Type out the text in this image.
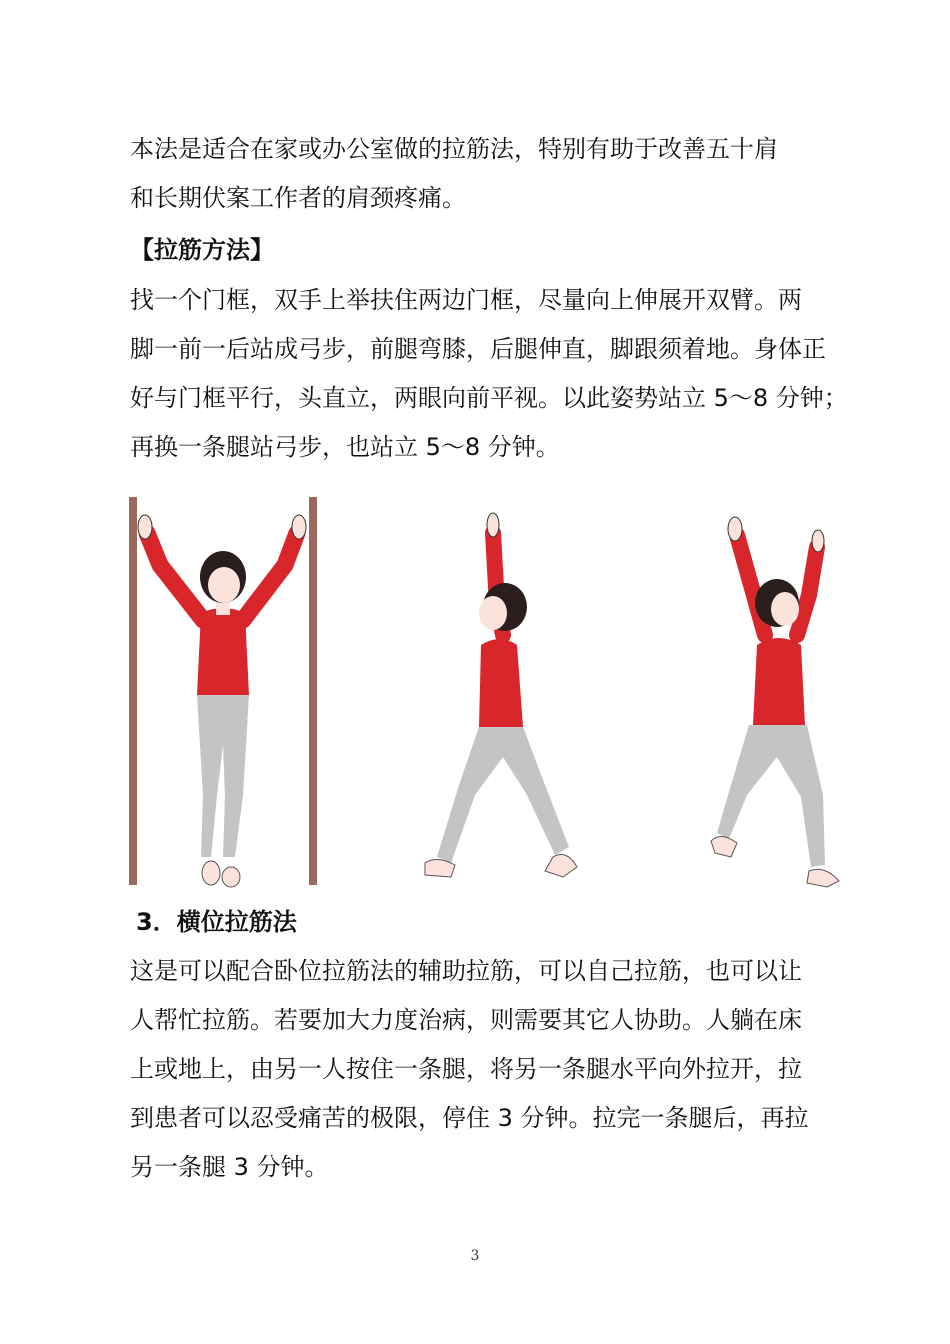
本法是适合在家或办公室做的拉筋法，特别有助于改善五十肩
和长期伏案工作者的肩颈疼痛。
【拉筋方法】
找一个门框，双手上举扶住两边门框，尽量向上伸展开双臂。两
脚一前一后站成弓步，前腿弯膝，后腿伸直，脚跟须着地。身体正
好与门框平行，头直立，两眼向前平视。以此姿势站立 5～8 分钟；
再换一条腿站弓步，也站立 5～8 分钟。
3．横位拉筋法
这是可以配合卧位拉筋法的辅助拉筋，可以自己拉筋，也可以让
人帮忙拉筋。若要加大力度治病，则需要其它人协助。人躺在床
上或地上，由另一人按住一条腿，将另一条腿水平向外拉开，拉
到患者可以忍受痛苦的极限，停住 3 分钟。拉完一条腿后，再拉
另一条腿 3 分钟。
3
